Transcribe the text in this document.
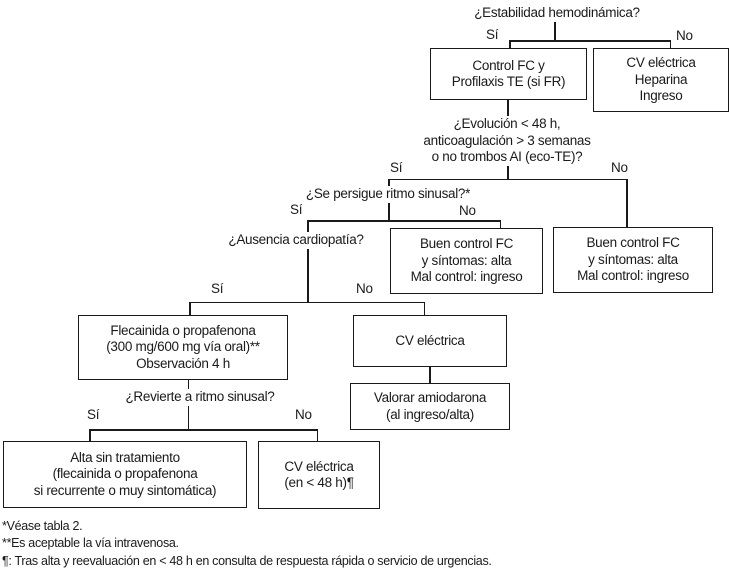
¿Estabilidad hemodinámica?
¿Evolución < 48 h,
anticoagulación > 3 semanas
o no trombos AI (eco-TE)?
¿Se persigue ritmo sinusal?*
¿Ausencia cardiopatía?
¿Revierte a ritmo sinusal?
Sí	No
Sí	No
Sí	No
Sí	No
Sí	No
Control FC y
Profilaxis TE (si FR)
CV eléctrica
Heparina
Ingreso
Buen control FC
y síntomas: alta
Mal control: ingreso
Buen control FC
y síntomas: alta
Mal control: ingreso
Flecainida o propafenona
(300 mg/600 mg vía oral)**
Observación 4 h
CV eléctrica
Valorar amiodarona
(al ingreso/alta)
Alta sin tratamiento
(flecainida o propafenona
si recurrente o muy sintomática)
CV eléctrica
(en < 48 h)¶
*Véase tabla 2.
**Es aceptable la vía intravenosa.
¶: Tras alta y reevaluación en < 48 h en consulta de respuesta rápida o servicio de urgencias.
